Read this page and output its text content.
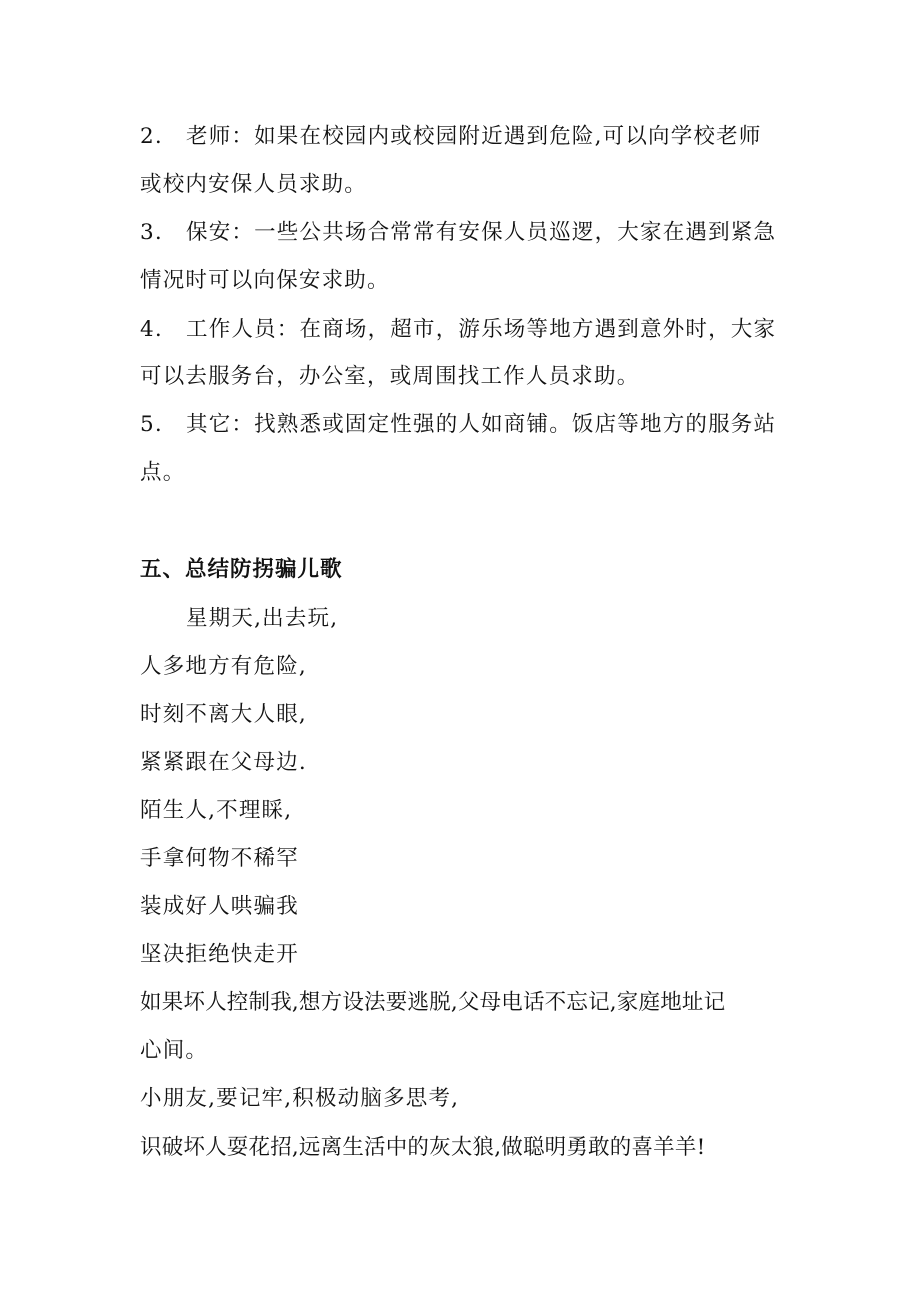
2.	老师：如果在校园内或校园附近遇到危险,可以向学校老师
或校内安保人员求助。
3.	保安：一些公共场合常常有安保人员巡逻，大家在遇到紧急
情况时可以向保安求助。
4.	工作人员：在商场，超市，游乐场等地方遇到意外时，大家
可以去服务台，办公室，或周围找工作人员求助。
5.	其它：找熟悉或固定性强的人如商铺。饭店等地方的服务站
点。
五、总结防拐骗儿歌
星期天,出去玩,
人多地方有危险,
时刻不离大人眼,
紧紧跟在父母边.
陌生人,不理睬,
手拿何物不稀罕
装成好人哄骗我
坚决拒绝快走开
如果坏人控制我,想方设法要逃脱,父母电话不忘记,家庭地址记
心间。
小朋友,要记牢,积极动脑多思考,
识破坏人耍花招,远离生活中的灰太狼,做聪明勇敢的喜羊羊!
